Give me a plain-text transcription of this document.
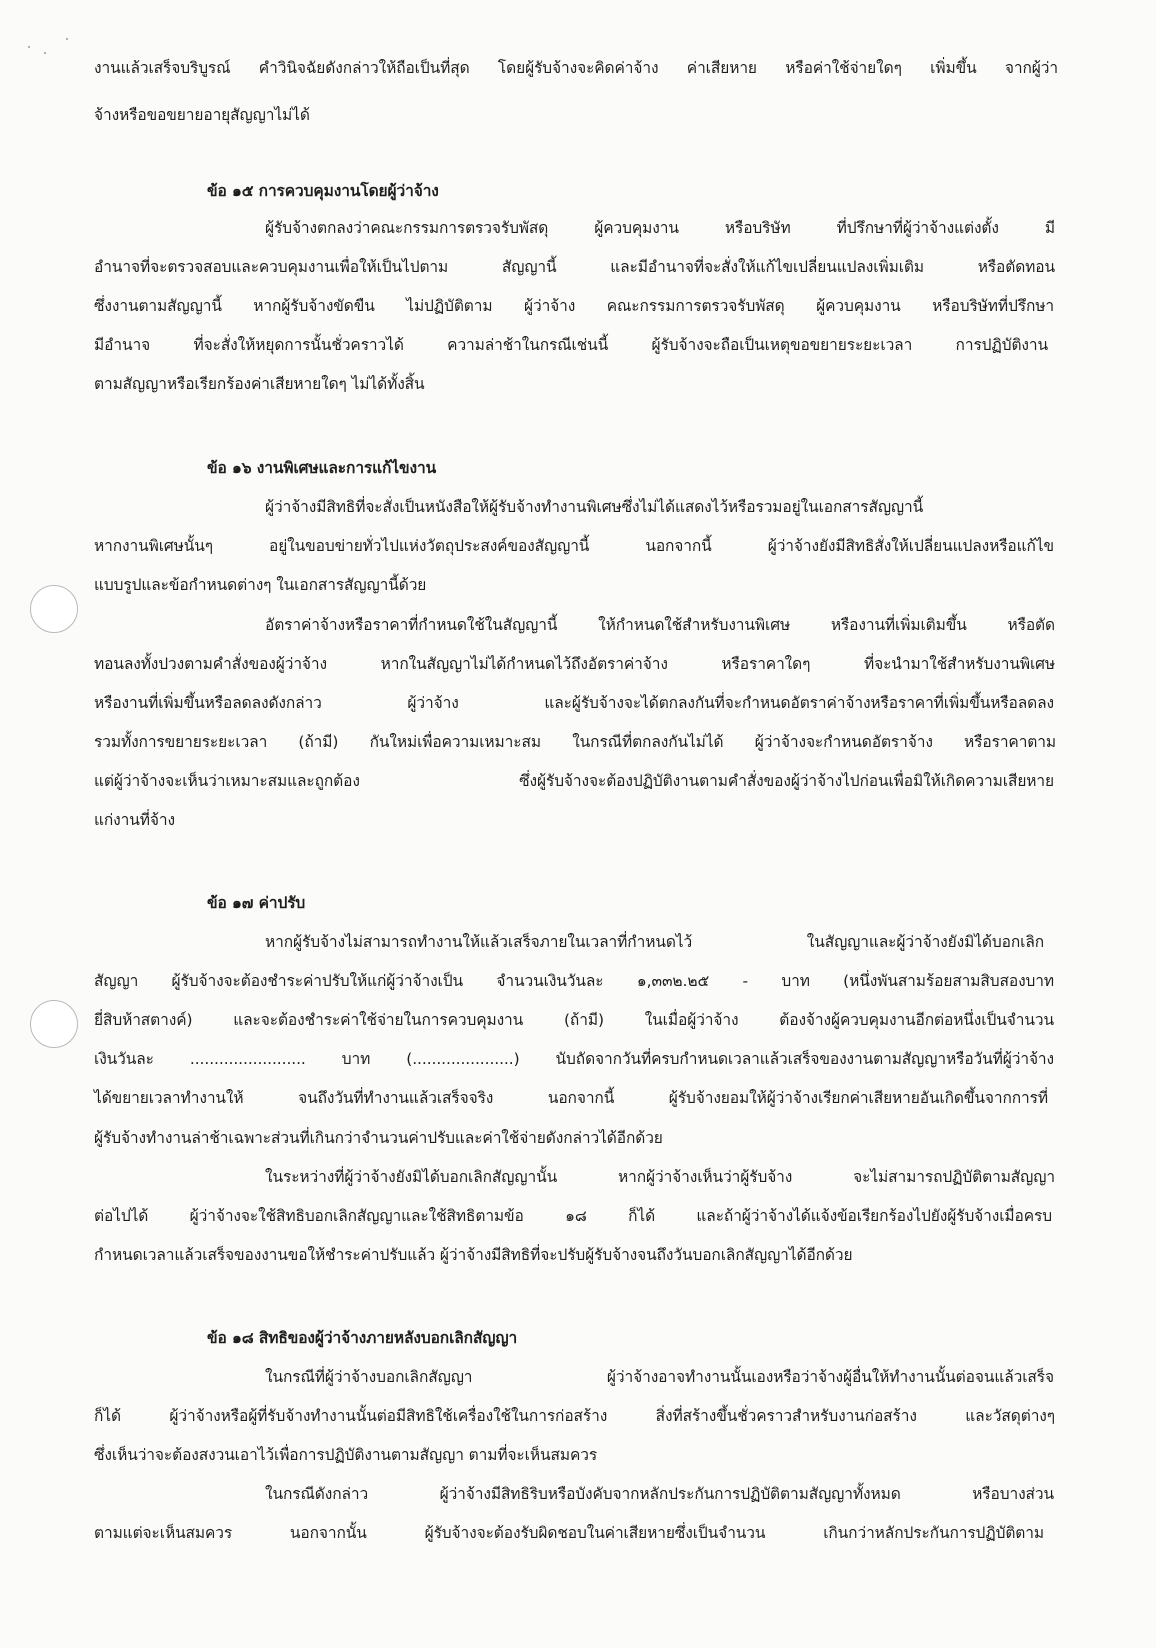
งานแล้วเสร็จบริบูรณ์ คำวินิจฉัยดังกล่าวให้ถือเป็นที่สุด โดยผู้รับจ้างจะคิดค่าจ้าง ค่าเสียหาย หรือค่าใช้จ่ายใดๆ เพิ่มขึ้น จากผู้ว่า
จ้างหรือขอขยายอายุสัญญาไม่ได้
ข้อ ๑๕ การควบคุมงานโดยผู้ว่าจ้าง
ผู้รับจ้างตกลงว่าคณะกรรมการตรวจรับพัสดุ ผู้ควบคุมงาน หรือบริษัท ที่ปรึกษาที่ผู้ว่าจ้างแต่งตั้ง มี
อำนาจที่จะตรวจสอบและควบคุมงานเพื่อให้เป็นไปตาม สัญญานี้ และมีอำนาจที่จะสั่งให้แก้ไขเปลี่ยนแปลงเพิ่มเติม หรือตัดทอน
ซึ่งงานตามสัญญานี้ หากผู้รับจ้างขัดขืน ไม่ปฏิบัติตาม ผู้ว่าจ้าง คณะกรรมการตรวจรับพัสดุ ผู้ควบคุมงาน หรือบริษัทที่ปรึกษา
มีอำนาจ ที่จะสั่งให้หยุดการนั้นชั่วคราวได้ ความล่าช้าในกรณีเช่นนี้ ผู้รับจ้างจะถือเป็นเหตุขอขยายระยะเวลา การปฏิบัติงาน
ตามสัญญาหรือเรียกร้องค่าเสียหายใดๆ ไม่ได้ทั้งสิ้น
ข้อ ๑๖ งานพิเศษและการแก้ไขงาน
ผู้ว่าจ้างมีสิทธิที่จะสั่งเป็นหนังสือให้ผู้รับจ้างทำงานพิเศษซึ่งไม่ได้แสดงไว้หรือรวมอยู่ในเอกสารสัญญานี้
หากงานพิเศษนั้นๆ อยู่ในขอบข่ายทั่วไปแห่งวัตถุประสงค์ของสัญญานี้ นอกจากนี้ ผู้ว่าจ้างยังมีสิทธิสั่งให้เปลี่ยนแปลงหรือแก้ไข
แบบรูปและข้อกำหนดต่างๆ ในเอกสารสัญญานี้ด้วย
อัตราค่าจ้างหรือราคาที่กำหนดใช้ในสัญญานี้ ให้กำหนดใช้สำหรับงานพิเศษ หรืองานที่เพิ่มเติมขึ้น หรือตัด
ทอนลงทั้งปวงตามคำสั่งของผู้ว่าจ้าง หากในสัญญาไม่ได้กำหนดไว้ถึงอัตราค่าจ้าง หรือราคาใดๆ ที่จะนำมาใช้สำหรับงานพิเศษ
หรืองานที่เพิ่มขึ้นหรือลดลงดังกล่าว ผู้ว่าจ้าง และผู้รับจ้างจะได้ตกลงกันที่จะกำหนดอัตราค่าจ้างหรือราคาที่เพิ่มขึ้นหรือลดลง
รวมทั้งการขยายระยะเวลา (ถ้ามี) กันใหม่เพื่อความเหมาะสม ในกรณีที่ตกลงกันไม่ได้ ผู้ว่าจ้างจะกำหนดอัตราจ้าง หรือราคาตาม
แต่ผู้ว่าจ้างจะเห็นว่าเหมาะสมและถูกต้อง ซึ่งผู้รับจ้างจะต้องปฏิบัติงานตามคำสั่งของผู้ว่าจ้างไปก่อนเพื่อมิให้เกิดความเสียหาย
แก่งานที่จ้าง
ข้อ ๑๗ ค่าปรับ
หากผู้รับจ้างไม่สามารถทำงานให้แล้วเสร็จภายในเวลาที่กำหนดไว้ ในสัญญาและผู้ว่าจ้างยังมิได้บอกเลิก
สัญญา ผู้รับจ้างจะต้องชำระค่าปรับให้แก่ผู้ว่าจ้างเป็น จำนวนเงินวันละ ๑,๓๓๒.๒๕ - บาท (หนึ่งพันสามร้อยสามสิบสองบาท
ยี่สิบห้าสตางค์) และจะต้องชำระค่าใช้จ่ายในการควบคุมงาน (ถ้ามี) ในเมื่อผู้ว่าจ้าง ต้องจ้างผู้ควบคุมงานอีกต่อหนึ่งเป็นจำนวน
เงินวันละ ........................ บาท (.....................) นับถัดจากวันที่ครบกำหนดเวลาแล้วเสร็จของงานตามสัญญาหรือวันที่ผู้ว่าจ้าง
ได้ขยายเวลาทำงานให้ จนถึงวันที่ทำงานแล้วเสร็จจริง นอกจากนี้ ผู้รับจ้างยอมให้ผู้ว่าจ้างเรียกค่าเสียหายอันเกิดขึ้นจากการที่
ผู้รับจ้างทำงานล่าช้าเฉพาะส่วนที่เกินกว่าจำนวนค่าปรับและค่าใช้จ่ายดังกล่าวได้อีกด้วย
ในระหว่างที่ผู้ว่าจ้างยังมิได้บอกเลิกสัญญานั้น หากผู้ว่าจ้างเห็นว่าผู้รับจ้าง จะไม่สามารถปฏิบัติตามสัญญา
ต่อไปได้ ผู้ว่าจ้างจะใช้สิทธิบอกเลิกสัญญาและใช้สิทธิตามข้อ ๑๘ ก็ได้ และถ้าผู้ว่าจ้างได้แจ้งข้อเรียกร้องไปยังผู้รับจ้างเมื่อครบ
กำหนดเวลาแล้วเสร็จของงานขอให้ชำระค่าปรับแล้ว ผู้ว่าจ้างมีสิทธิที่จะปรับผู้รับจ้างจนถึงวันบอกเลิกสัญญาได้อีกด้วย
ข้อ ๑๘ สิทธิของผู้ว่าจ้างภายหลังบอกเลิกสัญญา
ในกรณีที่ผู้ว่าจ้างบอกเลิกสัญญา ผู้ว่าจ้างอาจทำงานนั้นเองหรือว่าจ้างผู้อื่นให้ทำงานนั้นต่อจนแล้วเสร็จ
ก็ได้ ผู้ว่าจ้างหรือผู้ที่รับจ้างทำงานนั้นต่อมีสิทธิใช้เครื่องใช้ในการก่อสร้าง สิ่งที่สร้างขึ้นชั่วคราวสำหรับงานก่อสร้าง และวัสดุต่างๆ
ซึ่งเห็นว่าจะต้องสงวนเอาไว้เพื่อการปฏิบัติงานตามสัญญา ตามที่จะเห็นสมควร
ในกรณีดังกล่าว ผู้ว่าจ้างมีสิทธิริบหรือบังคับจากหลักประกันการปฏิบัติตามสัญญาทั้งหมด หรือบางส่วน
ตามแต่จะเห็นสมควร นอกจากนั้น ผู้รับจ้างจะต้องรับผิดชอบในค่าเสียหายซึ่งเป็นจำนวน เกินกว่าหลักประกันการปฏิบัติตาม
